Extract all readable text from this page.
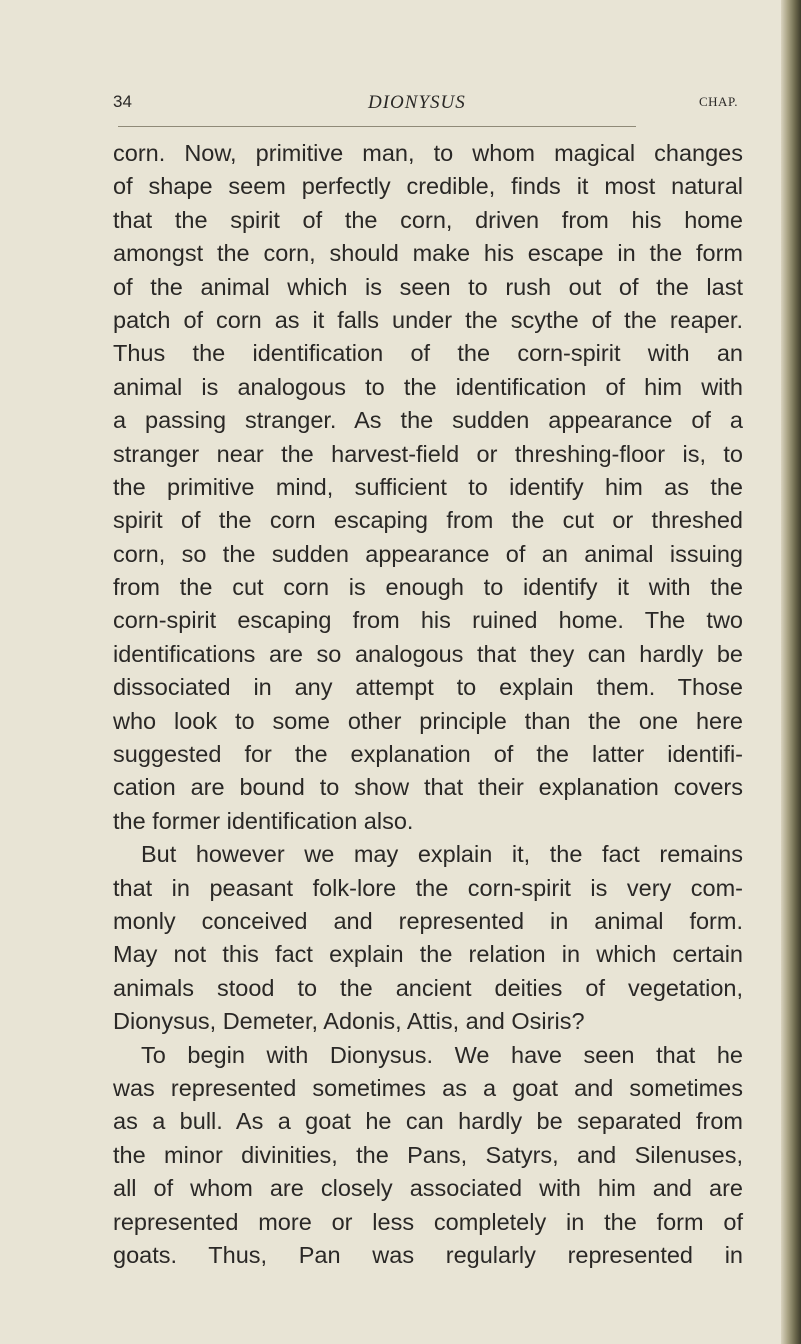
34	DIONYSUS	CHAP.
corn. Now, primitive man, to whom magical changes
of shape seem perfectly credible, finds it most natural
that the spirit of the corn, driven from his home
amongst the corn, should make his escape in the form
of the animal which is seen to rush out of the last
patch of corn as it falls under the scythe of the reaper.
Thus the identification of the corn-spirit with an
animal is analogous to the identification of him with
a passing stranger. As the sudden appearance of a
stranger near the harvest-field or threshing-floor is, to
the primitive mind, sufficient to identify him as the
spirit of the corn escaping from the cut or threshed
corn, so the sudden appearance of an animal issuing
from the cut corn is enough to identify it with the
corn-spirit escaping from his ruined home. The two
identifications are so analogous that they can hardly be
dissociated in any attempt to explain them. Those
who look to some other principle than the one here
suggested for the explanation of the latter identifi-
cation are bound to show that their explanation covers
the former identification also.
But however we may explain it, the fact remains
that in peasant folk-lore the corn-spirit is very com-
monly conceived and represented in animal form.
May not this fact explain the relation in which certain
animals stood to the ancient deities of vegetation,
Dionysus, Demeter, Adonis, Attis, and Osiris?
To begin with Dionysus. We have seen that he
was represented sometimes as a goat and sometimes
as a bull. As a goat he can hardly be separated from
the minor divinities, the Pans, Satyrs, and Silenuses,
all of whom are closely associated with him and are
represented more or less completely in the form of
goats. Thus, Pan was regularly represented in
